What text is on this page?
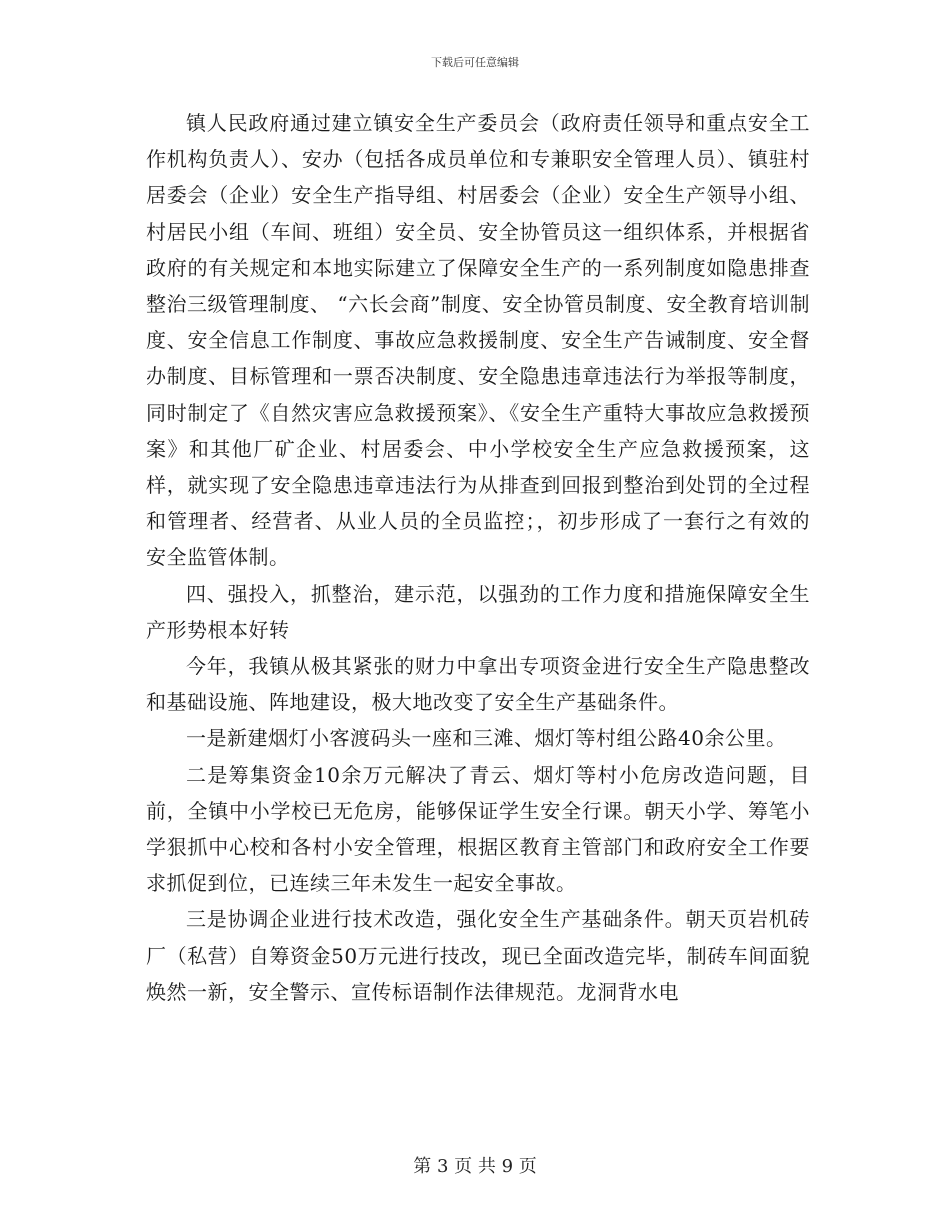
下载后可任意编辑

镇人民政府通过建立镇安全生产委员会（政府责任领导和重点安全工作机构负责人）、安办（包括各成员单位和专兼职安全管理人员）、镇驻村居委会（企业）安全生产指导组、村居委会（企业）安全生产领导小组、村居民小组（车间、班组）安全员、安全协管员这一组织体系，并根据省政府的有关规定和本地实际建立了保障安全生产的一系列制度如隐患排查整治三级管理制度、 “六长会商”制度、安全协管员制度、安全教育培训制度、安全信息工作制度、事故应急救援制度、安全生产告诫制度、安全督办制度、目标管理和一票否决制度、安全隐患违章违法行为举报等制度，同时制定了《自然灾害应急救援预案》、《安全生产重特大事故应急救援预案》和其他厂矿企业、村居委会、中小学校安全生产应急救援预案，这样，就实现了安全隐患违章违法行为从排查到回报到整治到处罚的全过程和管理者、经营者、从业人员的全员监控；，初步形成了一套行之有效的安全监管体制。

四、强投入，抓整治，建示范，以强劲的工作力度和措施保障安全生产形势根本好转

今年，我镇从极其紧张的财力中拿出专项资金进行安全生产隐患整改和基础设施、阵地建设，极大地改变了安全生产基础条件。

一是新建烟灯小客渡码头一座和三滩、烟灯等村组公路40余公里。

二是筹集资金10余万元解决了青云、烟灯等村小危房改造问题，目前，全镇中小学校已无危房，能够保证学生安全行课。朝天小学、筹笔小学狠抓中心校和各村小安全管理，根据区教育主管部门和政府安全工作要求抓促到位，已连续三年未发生一起安全事故。

三是协调企业进行技术改造，强化安全生产基础条件。朝天页岩机砖厂（私营）自筹资金50万元进行技改，现已全面改造完毕，制砖车间面貌焕然一新，安全警示、宣传标语制作法律规范。龙洞背水电

第 3 页 共 9 页
